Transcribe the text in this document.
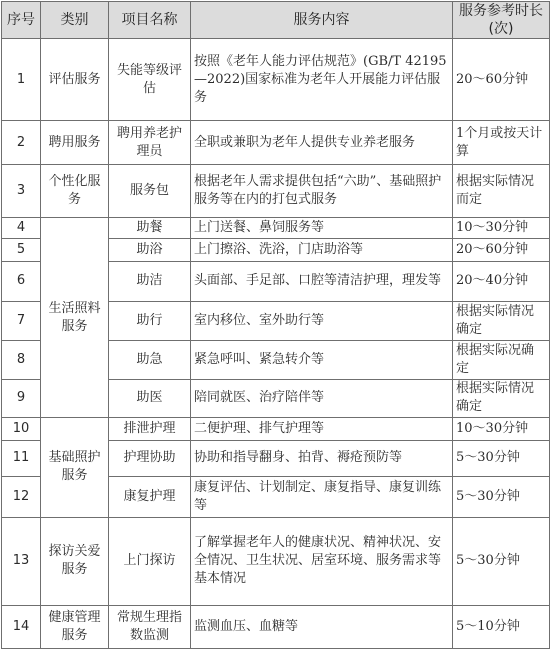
序号	类别	项目名称	服务内容	服务参考时长(次)
1	评估服务	失能等级评估	按照《老年人能力评估规范》(GB/T 42195—2022)国家标准为老年人开展能力评估服务	20～60分钟
2	聘用服务	聘用养老护理员	全职或兼职为老年人提供专业养老服务	1个月或按天计算
3	个性化服务	服务包	根据老年人需求提供包括“六助”、基础照护服务等在内的打包式服务	根据实际情况而定
4	生活照料服务	助餐	上门送餐、鼻饲服务等	10～30分钟
5		助浴	上门擦浴、洗浴，门店助浴等	20～60分钟
6		助洁	头面部、手足部、口腔等清洁护理，理发等	20～40分钟
7		助行	室内移位、室外助行等	根据实际情况确定
8		助急	紧急呼叫、紧急转介等	根据实际况确定
9		助医	陪同就医、治疗陪伴等	根据实际情况确定
10	基础照护服务	排泄护理	二便护理、排气护理等	10～30分钟
11		护理协助	协助和指导翻身、拍背、褥疮预防等	5～30分钟
12		康复护理	康复评估、计划制定、康复指导、康复训练等	5～30分钟
13	探访关爱服务	上门探访	了解掌握老年人的健康状况、精神状况、安全情况、卫生状况、居室环境、服务需求等基本情况	5～30分钟
14	健康管理服务	常规生理指数监测	监测血压、血糖等	5～10分钟
